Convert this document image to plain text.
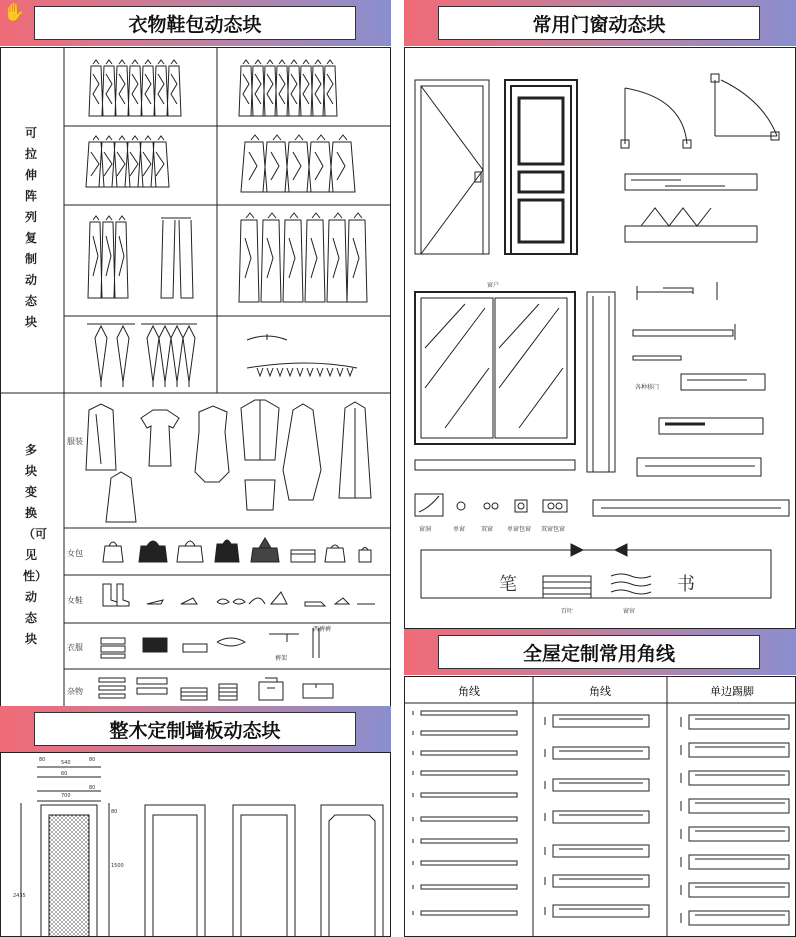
✋
衣物鞋包动态块
可拉伸阵列复制动态块
多块变换（可见性）动态块
服装
女包
女鞋
衣服
杂物
西裤裤
裤架
整木定制墙板动态块
80	540	80
60
700
80
2435
1500
80
常用门窗动态块
窗户
各种移门
窗洞	单窗	双窗 单窗包窗 双窗包窗
百叶	窗帘
笔	书
全屋定制常用角线
角线	角线	单边踢脚
